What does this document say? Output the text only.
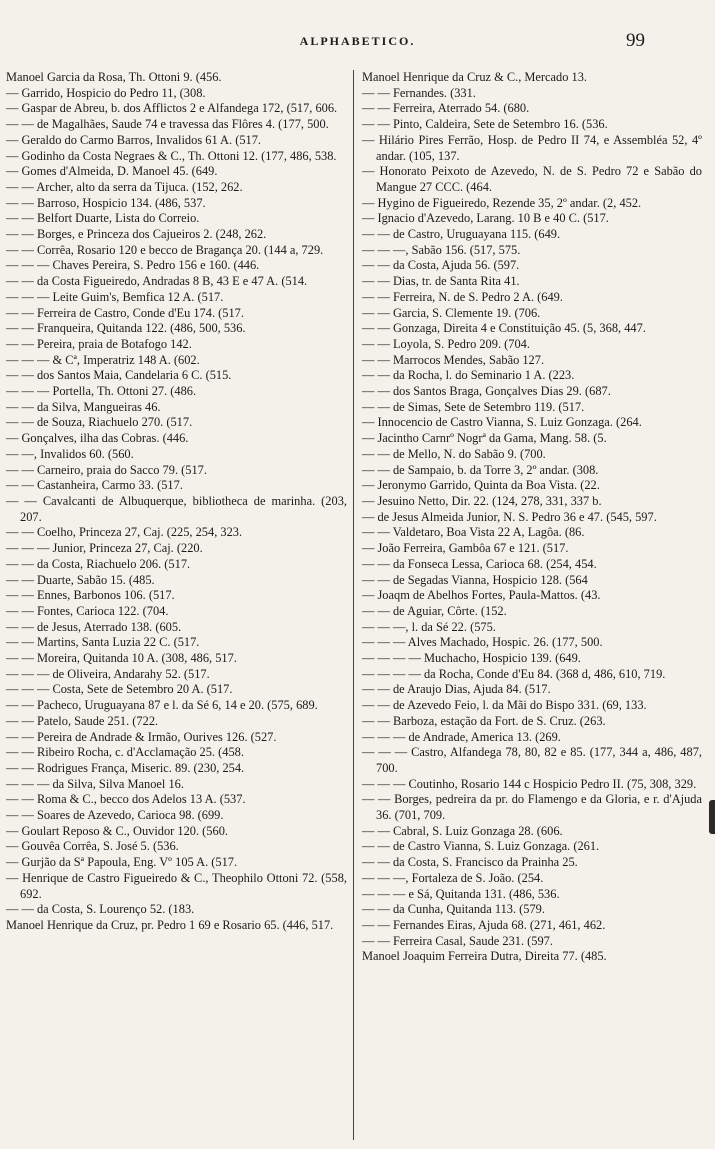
ALPHABETICO.	99

Manoel Garcia da Rosa, Th. Ottoni 9. (456.

— Garrido, Hospicio do Pedro 11, (308.

— Gaspar de Abreu, b. dos Afflictos 2 e Alfandega 172, (517, 606.

— — de Magalhães, Saude 74 e travessa das Flôres 4. (177, 500.

— Geraldo do Carmo Barros, Invalidos 61 A. (517.

— Godinho da Costa Negraes & C., Th. Ottoni 12. (177, 486, 538.

— Gomes d'Almeida, D. Manoel 45. (649.

— — Archer, alto da serra da Tijuca. (152, 262.

— — Barroso, Hospicio 134. (486, 537.

— — Belfort Duarte, Lista do Correio.

— — Borges, e Princeza dos Cajueiros 2. (248, 262.

— — Corrêa, Rosario 120 e becco de Bragança 20. (144 a, 729.

— — — Chaves Pereira, S. Pedro 156 e 160. (446.

— — da Costa Figueiredo, Andradas 8 B, 43 E e 47 A. (514.

— — — Leite Guim's, Bemfica 12 A. (517.

— — Ferreira de Castro, Conde d'Eu 174. (517.

— — Franqueira, Quitanda 122. (486, 500, 536.

— — Pereira, praia de Botafogo 142.

— — — & Cª, Imperatriz 148 A. (602.

— — dos Santos Maia, Candelaria 6 C. (515.

— — — Portella, Th. Ottoni 27. (486.

— — da Silva, Mangueiras 46.

— — de Souza, Riachuelo 270. (517.

— Gonçalves, ilha das Cobras. (446.

— —, Invalidos 60. (560.

— — Carneiro, praia do Sacco 79. (517.

— — Castanheira, Carmo 33. (517.

— — Cavalcanti de Albuquerque, bibliotheca de marinha. (203, 207.

— — Coelho, Princeza 27, Caj. (225, 254, 323.

— — — Junior, Princeza 27, Caj. (220.

— — da Costa, Riachuelo 206. (517.

— — Duarte, Sabão 15. (485.

— — Ennes, Barbonos 106. (517.

— — Fontes, Carioca 122. (704.

— — de Jesus, Aterrado 138. (605.

— — Martins, Santa Luzia 22 C. (517.

— — Moreira, Quitanda 10 A. (308, 486, 517.

— — — de Oliveira, Andarahy 52. (517.

— — — Costa, Sete de Setembro 20 A. (517.

— — Pacheco, Uruguayana 87 e l. da Sé 6, 14 e 20. (575, 689.

— — Patelo, Saude 251. (722.

— — Pereira de Andrade & Irmão, Ourives 126. (527.

— — Ribeiro Rocha, c. d'Acclamação 25. (458.

— — Rodrigues França, Miseric. 89. (230, 254.

— — — da Silva, Silva Manoel 16.

— — Roma & C., becco dos Adelos 13 A. (537.

— — Soares de Azevedo, Carioca 98. (699.

— Goulart Reposo & C., Ouvidor 120. (560.

— Gouvêa Corrêa, S. José 5. (536.

— Gurjão da Sª Papoula, Eng. Vº 105 A. (517.

— Henrique de Castro Figueiredo & C., Theophilo Ottoni 72. (558, 692.

— — da Costa, S. Lourenço 52. (183.

Manoel Henrique da Cruz, pr. Pedro 1 69 e Rosario 65. (446, 517.

Manoel Henrique da Cruz & C., Mercado 13.

— — Fernandes. (331.

— — Ferreira, Aterrado 54. (680.

— — Pinto, Caldeira, Sete de Setembro 16. (536.

— Hilário Pires Ferrão, Hosp. de Pedro II 74, e Assembléa 52, 4º andar. (105, 137.

— Honorato Peixoto de Azevedo, N. de S. Pedro 72 e Sabão do Mangue 27 CCC. (464.

— Hygino de Figueiredo, Rezende 35, 2º andar. (2, 452.

— Ignacio d'Azevedo, Larang. 10 B e 40 C. (517.

— — de Castro, Uruguayana 115. (649.

— — —, Sabão 156. (517, 575.

— — da Costa, Ajuda 56. (597.

— — Dias, tr. de Santa Rita 41.

— — Ferreira, N. de S. Pedro 2 A. (649.

— — Garcia, S. Clemente 19. (706.

— — Gonzaga, Direita 4 e Constituição 45. (5, 368, 447.

— — Loyola, S. Pedro 209. (704.

— — Marrocos Mendes, Sabão 127.

— — da Rocha, l. do Seminario 1 A. (223.

— — dos Santos Braga, Gonçalves Dias 29. (687.

— — de Simas, Sete de Setembro 119. (517.

— Innocencio de Castro Vianna, S. Luiz Gonzaga. (264.

— Jacintho Carnrº Nogrª da Gama, Mang. 58. (5.

— — de Mello, N. do Sabão 9. (700.

— — de Sampaio, b. da Torre 3, 2º andar. (308.

— Jeronymo Garrido, Quinta da Boa Vista. (22.

— Jesuino Netto, Dir. 22. (124, 278, 331, 337 b.

— de Jesus Almeida Junior, N. S. Pedro 36 e 47. (545, 597.

— — Valdetaro, Boa Vista 22 A, Lagôa. (86.

— João Ferreira, Gambôa 67 e 121. (517.

— — da Fonseca Lessa, Carioca 68. (254, 454.

— — de Segadas Vianna, Hospicio 128. (564

— Joaqm de Abelhos Fortes, Paula-Mattos. (43.

— — de Aguiar, Côrte. (152.

— — —, l. da Sé 22. (575.

— — — Alves Machado, Hospic. 26. (177, 500.

— — — — Muchacho, Hospicio 139. (649.

— — — — da Rocha, Conde d'Eu 84. (368 d, 486, 610, 719.

— — de Araujo Dias, Ajuda 84. (517.

— — de Azevedo Feio, l. da Mãi do Bispo 331. (69, 133.

— — Barboza, estação da Fort. de S. Cruz. (263.

— — — de Andrade, America 13. (269.

— — — Castro, Alfandega 78, 80, 82 e 85. (177, 344 a, 486, 487, 700.

— — — Coutinho, Rosario 144 c Hospicio Pedro II. (75, 308, 329.

— — Borges, pedreira da pr. do Flamengo e da Gloria, e r. d'Ajuda 36. (701, 709.

— — Cabral, S. Luiz Gonzaga 28. (606.

— — de Castro Vianna, S. Luiz Gonzaga. (261.

— — da Costa, S. Francisco da Prainha 25.

— — —, Fortaleza de S. João. (254.

— — — e Sá, Quitanda 131. (486, 536.

— — da Cunha, Quitanda 113. (579.

— — Fernandes Eiras, Ajuda 68. (271, 461, 462.

— — Ferreira Casal, Saude 231. (597.

Manoel Joaquim Ferreira Dutra, Direita 77. (485.
